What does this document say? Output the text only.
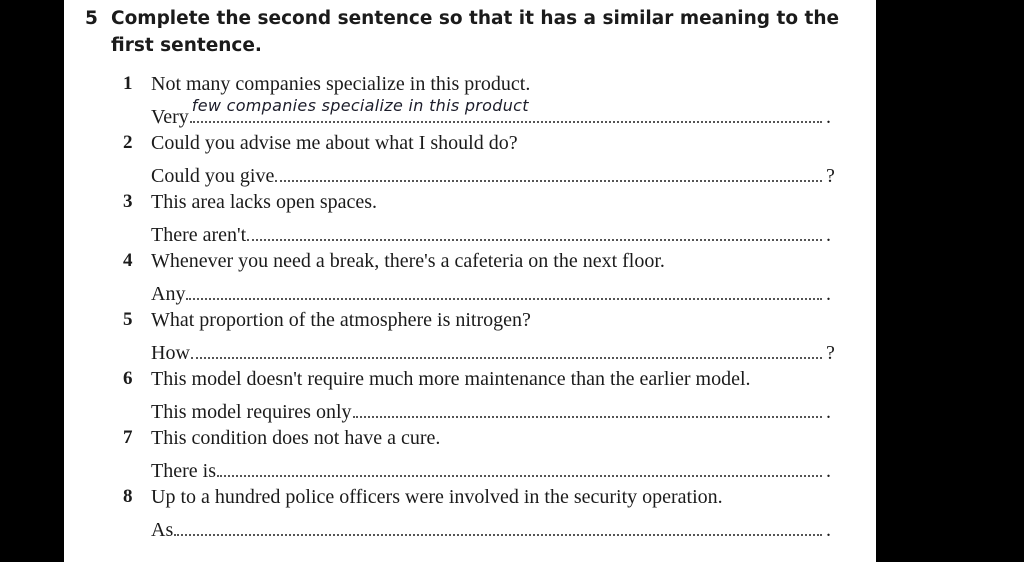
5 Complete the second sentence so that it has a similar meaning to the first sentence.
1 Not many companies specialize in this product.
Very
few companies specialize in this product
.
2 Could you advise me about what I should do?
Could you give	?
3 This area lacks open spaces.
There aren't	.
4 Whenever you need a break, there's a cafeteria on the next floor.
Any	.
5 What proportion of the atmosphere is nitrogen?
How	?
6 This model doesn't require much more maintenance than the earlier model.
This model requires only	.
7 This condition does not have a cure.
There is	.
8 Up to a hundred police officers were involved in the security operation.
As	.
